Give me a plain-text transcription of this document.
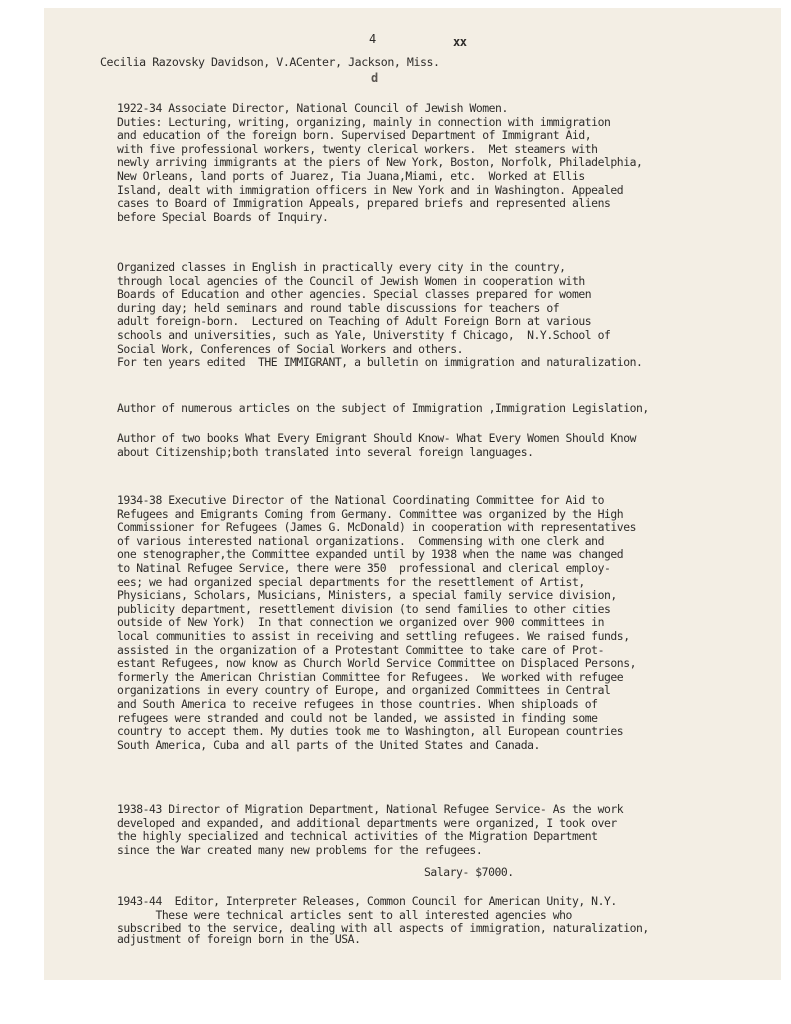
4	xx
Cecilia Razovsky Davidson, V.ACenter, Jackson, Miss.
d
1922-34 Associate Director, National Council of Jewish Women.
Duties: Lecturing, writing, organizing, mainly in connection with immigration
and education of the foreign born. Supervised Department of Immigrant Aid,
with five professional workers, twenty clerical workers.  Met steamers with
newly arriving immigrants at the piers of New York, Boston, Norfolk, Philadelphia,
New Orleans, land ports of Juarez, Tia Juana,Miami, etc.  Worked at Ellis
Island, dealt with immigration officers in New York and in Washington. Appealed
cases to Board of Immigration Appeals, prepared briefs and represented aliens
before Special Boards of Inquiry.
Organized classes in English in practically every city in the country,
through local agencies of the Council of Jewish Women in cooperation with
Boards of Education and other agencies. Special classes prepared for women
during day; held seminars and round table discussions for teachers of
adult foreign-born.  Lectured on Teaching of Adult Foreign Born at various
schools and universities, such as Yale, Universtity f Chicago,  N.Y.School of
Social Work, Conferences of Social Workers and others.
For ten years edited  THE IMMIGRANT, a bulletin on immigration and naturalization.
Author of numerous articles on the subject of Immigration ,Immigration Legislation,
Author of two books What Every Emigrant Should Know- What Every Women Should Know
about Citizenship;both translated into several foreign languages.
1934-38 Executive Director of the National Coordinating Committee for Aid to
Refugees and Emigrants Coming from Germany. Committee was organized by the High
Commissioner for Refugees (James G. McDonald) in cooperation with representatives
of various interested national organizations.  Commensing with one clerk and
one stenographer,the Committee expanded until by 1938 when the name was changed
to Natinal Refugee Service, there were 350  professional and clerical employ-
ees; we had organized special departments for the resettlement of Artist,
Physicians, Scholars, Musicians, Ministers, a special family service division,
publicity department, resettlement division (to send families to other cities
outside of New York)  In that connection we organized over 900 committees in
local communities to assist in receiving and settling refugees. We raised funds,
assisted in the organization of a Protestant Committee to take care of Prot-
estant Refugees, now know as Church World Service Committee on Displaced Persons,
formerly the American Christian Committee for Refugees.  We worked with refugee
organizations in every country of Europe, and organized Committees in Central
and South America to receive refugees in those countries. When shiploads of
refugees were stranded and could not be landed, we assisted in finding some
country to accept them. My duties took me to Washington, all European countries
South America, Cuba and all parts of the United States and Canada.
1938-43 Director of Migration Department, National Refugee Service- As the work
developed and expanded, and additional departments were organized, I took over
the highly specialized and technical activities of the Migration Department
since the War created many new problems for the refugees.
Salary- $7000.
1943-44  Editor, Interpreter Releases, Common Council for American Unity, N.Y.
These were technical articles sent to all interested agencies who
subscribed to the service, dealing with all aspects of immigration, naturalization,
adjustment of foreign born in the USA.
